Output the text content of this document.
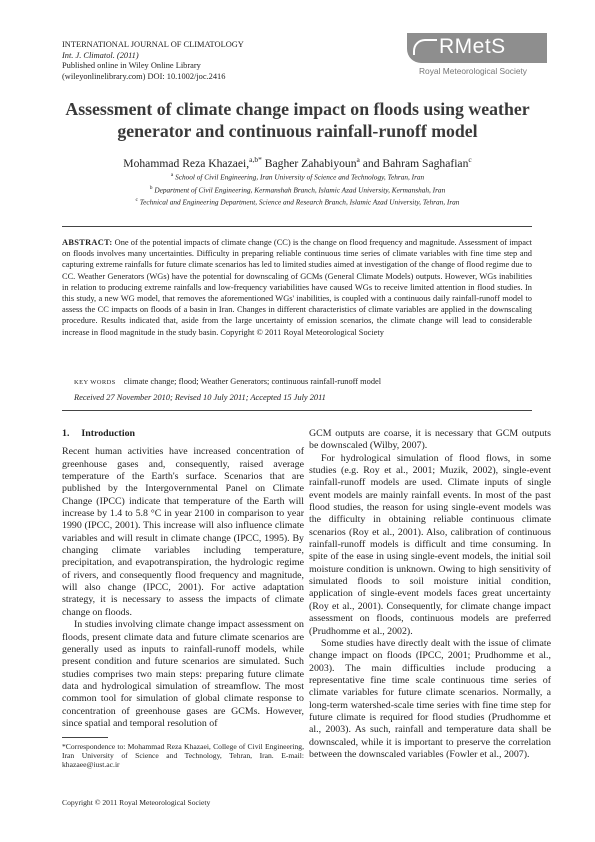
INTERNATIONAL JOURNAL OF CLIMATOLOGY
Int. J. Climatol. (2011)
Published online in Wiley Online Library
(wileyonlinelibrary.com) DOI: 10.1002/joc.2416
RMetS
Royal Meteorological Society
Assessment of climate change impact on floods using weather
generator and continuous rainfall-runoff model
Mohammad Reza Khazaei,$^{a,b*}$ Bagher Zahabiyoun$^a$ and Bahram Saghafian$^c$
$^a$ School of Civil Engineering, Iran University of Science and Technology, Tehran, Iran
$^b$ Department of Civil Engineering, Kermanshah Branch, Islamic Azad University, Kermanshah, Iran
$^c$ Technical and Engineering Department, Science and Research Branch, Islamic Azad University, Tehran, Iran
ABSTRACT: One of the potential impacts of climate change (CC) is the change on flood frequency and magnitude. Assessment of impact on floods involves many uncertainties. Difficulty in preparing reliable continuous time series of climate variables with fine time step and capturing extreme rainfalls for future climate scenarios has led to limited studies aimed at investigation of the change of flood regime due to CC. Weather Generators (WGs) have the potential for downscaling of GCMs (General Climate Models) outputs. However, WGs inabilities in relation to producing extreme rainfalls and low-frequency variabilities have caused WGs to receive limited attention in flood studies. In this study, a new WG model, that removes the aforementioned WGs' inabilities, is coupled with a continuous daily rainfall-runoff model to assess the CC impacts on floods of a basin in Iran. Changes in different characteristics of climate variables are applied in the downscaling procedure. Results indicated that, aside from the large uncertainty of emission scenarios, the climate change will lead to considerable increase in flood magnitude in the study basin. Copyright © 2011 Royal Meteorological Society
KEY WORDS climate change; flood; Weather Generators; continuous rainfall-runoff model
Received 27 November 2010; Revised 10 July 2011; Accepted 15 July 2011
1. Introduction

Recent human activities have increased concentration of greenhouse gases and, consequently, raised average temperature of the Earth's surface. Scenarios that are published by the Intergovernmental Panel on Climate Change (IPCC) indicate that temperature of the Earth will increase by 1.4 to 5.8 °C in year 2100 in comparison to year 1990 (IPCC, 2001). This increase will also influence climate variables and will result in climate change (IPCC, 1995). By changing climate variables including temperature, precipitation, and evapotranspiration, the hydrologic regime of rivers, and consequently flood frequency and magnitude, will also change (IPCC, 2001). For active adaptation strategy, it is necessary to assess the impacts of climate change on floods.

In studies involving climate change impact assessment on floods, present climate data and future climate scenarios are generally used as inputs to rainfall-runoff models, while present condition and future scenarios are simulated. Such studies comprises two main steps: preparing future climate data and hydrological simulation of streamflow. The most common tool for simulation of global climate response to concentration of greenhouse gases are GCMs. However, since spatial and temporal resolution of

GCM outputs are coarse, it is necessary that GCM outputs be downscaled (Wilby, 2007).

For hydrological simulation of flood flows, in some studies (e.g. Roy et al., 2001; Muzik, 2002), single-event rainfall-runoff models are used. Climate inputs of single event models are mainly rainfall events. In most of the past flood studies, the reason for using single-event models was the difficulty in obtaining reliable continuous climate scenarios (Roy et al., 2001). Also, calibration of continuous rainfall-runoff models is difficult and time consuming. In spite of the ease in using single-event models, the initial soil moisture condition is unknown. Owing to high sensitivity of simulated floods to soil moisture initial condition, application of single-event models faces great uncertainty (Roy et al., 2001). Consequently, for climate change impact assessment on floods, continuous models are preferred (Prudhomme et al., 2002).

Some studies have directly dealt with the issue of climate change impact on floods (IPCC, 2001; Prudhomme et al., 2003). The main difficulties include producing a representative fine time scale continuous time series of climate variables for future climate scenarios. Normally, a long-term watershed-scale time series with fine time step for future climate is required for flood studies (Prudhomme et al., 2003). As such, rainfall and temperature data shall be downscaled, while it is important to preserve the correlation between the downscaled variables (Fowler et al., 2007).

*Correspondence to: Mohammad Reza Khazaei, College of Civil Engineering, Iran University of Science and Technology, Tehran, Iran. E-mail: khazaee@iust.ac.ir
Copyright © 2011 Royal Meteorological Society
